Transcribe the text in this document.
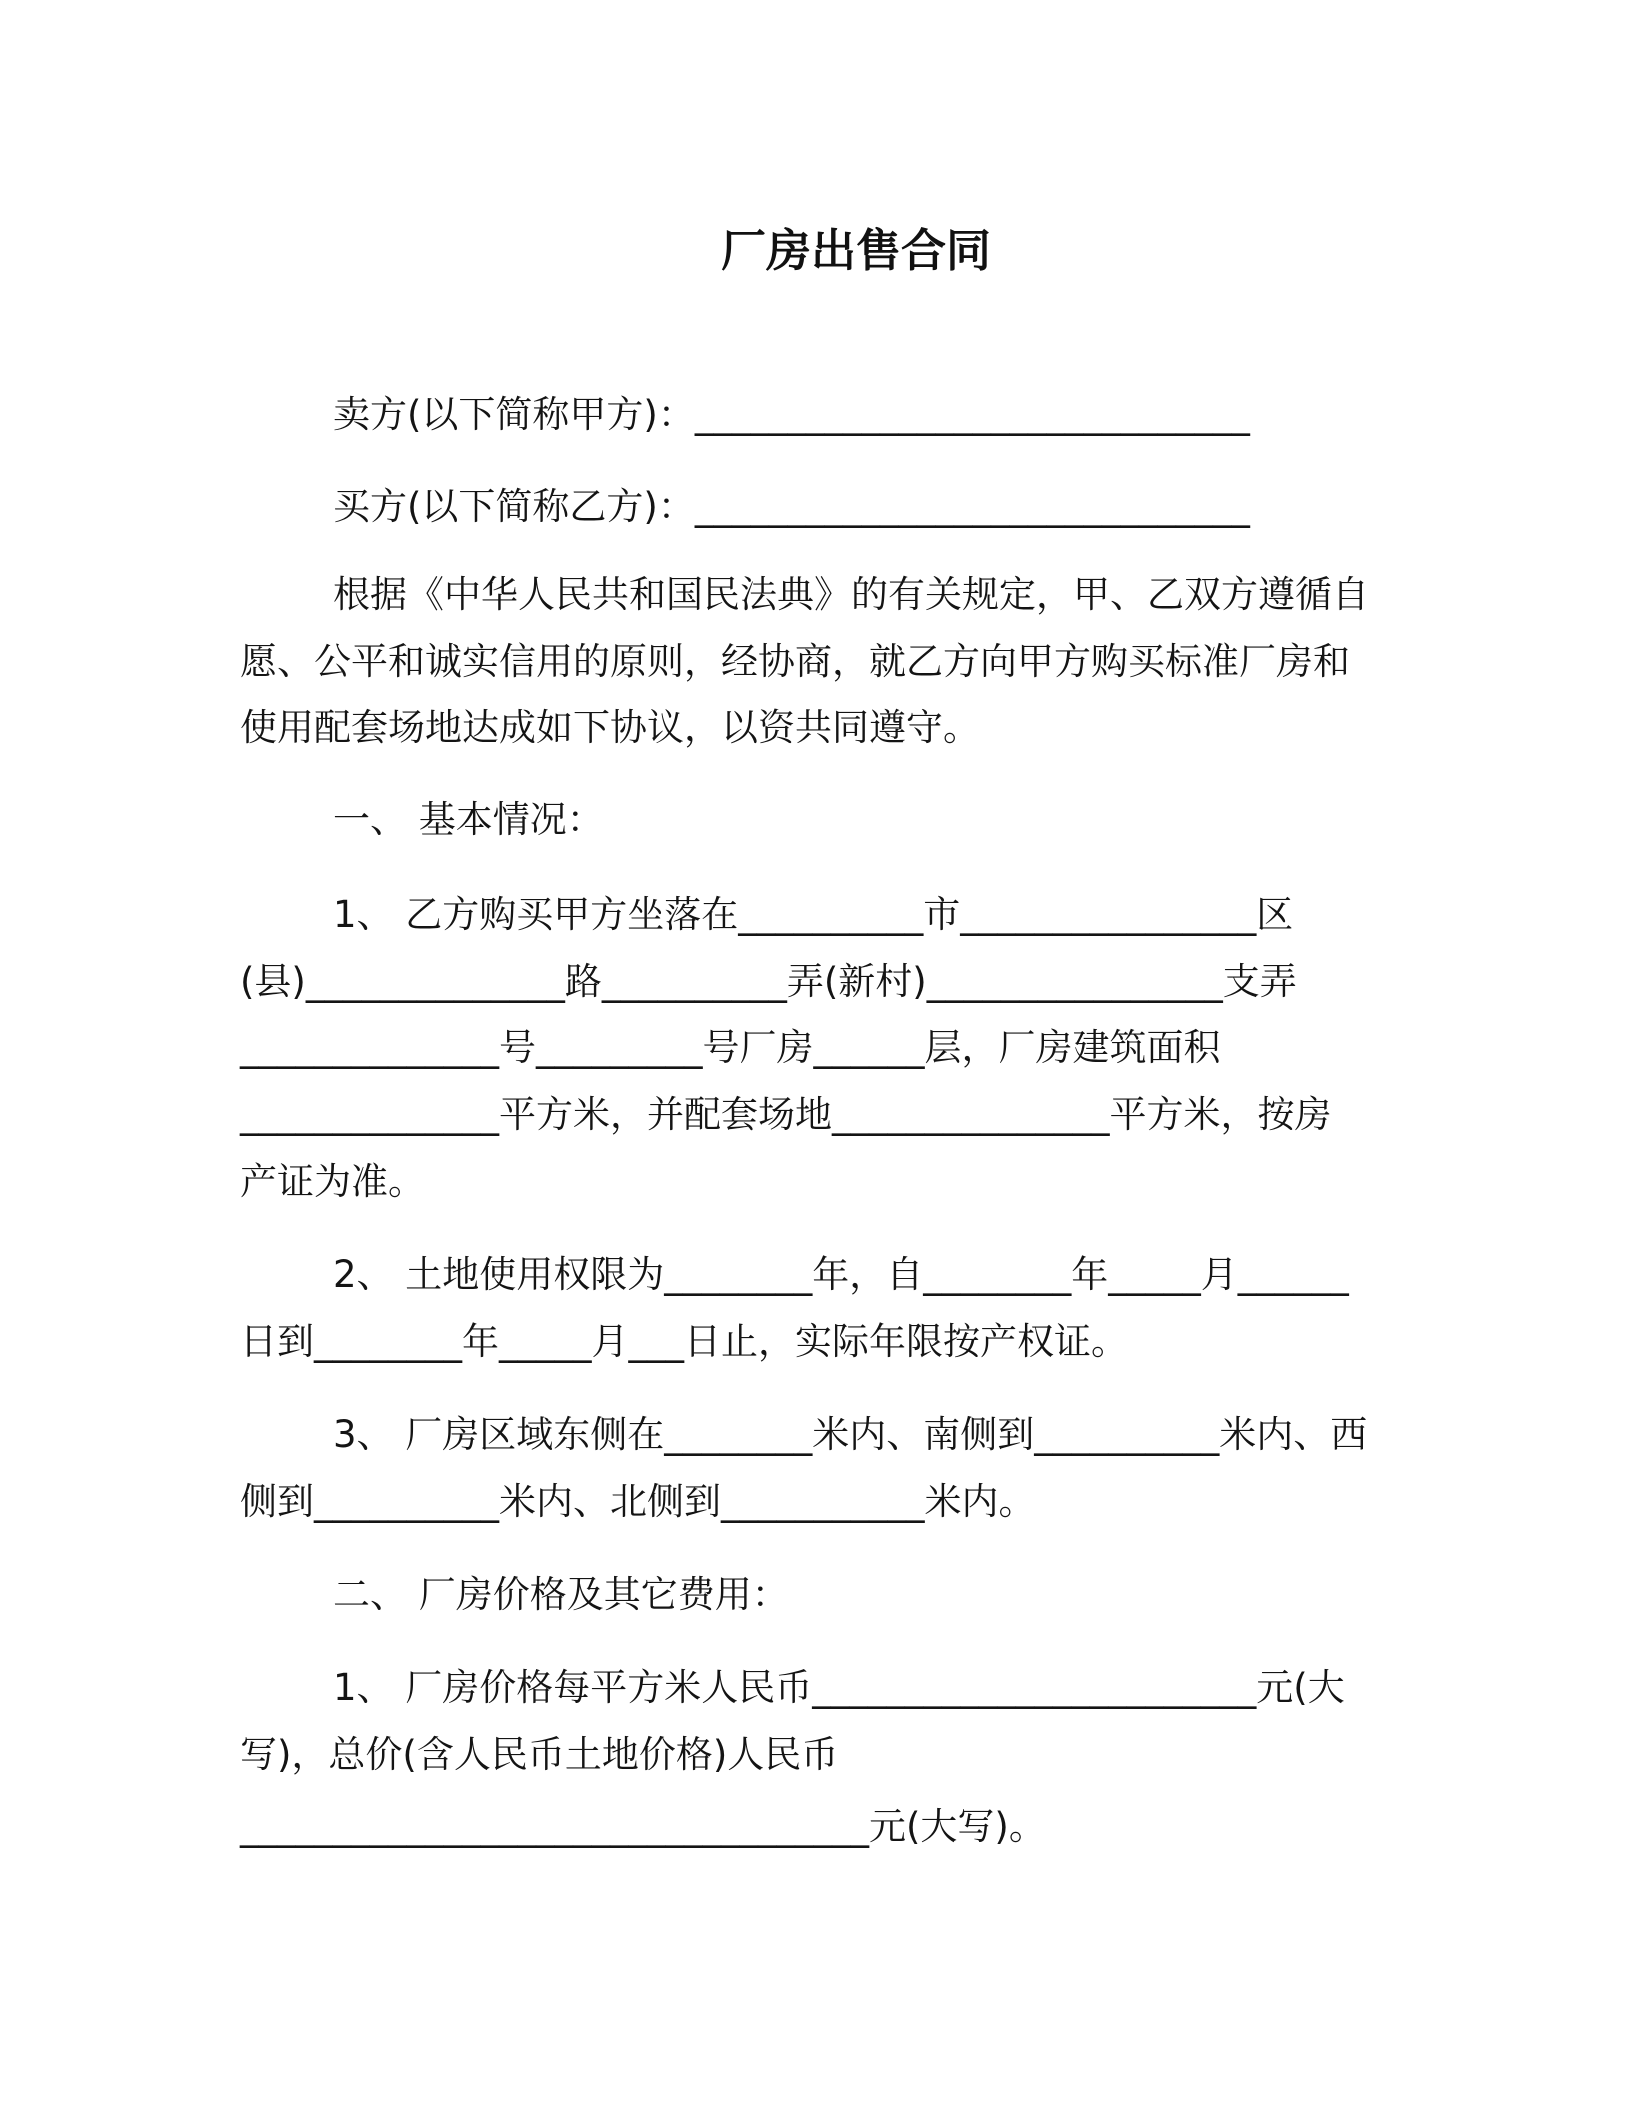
厂房出售合同
卖方(以下简称甲方)：______________________________
买方(以下简称乙方)：______________________________
根据《中华人民共和国民法典》的有关规定，甲、乙双方遵循自
愿、公平和诚实信用的原则，经协商，就乙方向甲方购买标准厂房和
使用配套场地达成如下协议，以资共同遵守。
一、 基本情况：
1、 乙方购买甲方坐落在__________市________________区
(县)______________路__________弄(新村)________________支弄
______________号_________号厂房______层，厂房建筑面积
______________平方米，并配套场地_______________平方米，按房
产证为准。
2、 土地使用权限为________年，自________年_____月______
日到________年_____月___日止，实际年限按产权证。
3、 厂房区域东侧在________米内、南侧到__________米内、西
侧到__________米内、北侧到___________米内。
二、 厂房价格及其它费用：
1、 厂房价格每平方米人民币________________________元(大
写)，总价(含人民币土地价格)人民币
__________________________________元(大写)。
